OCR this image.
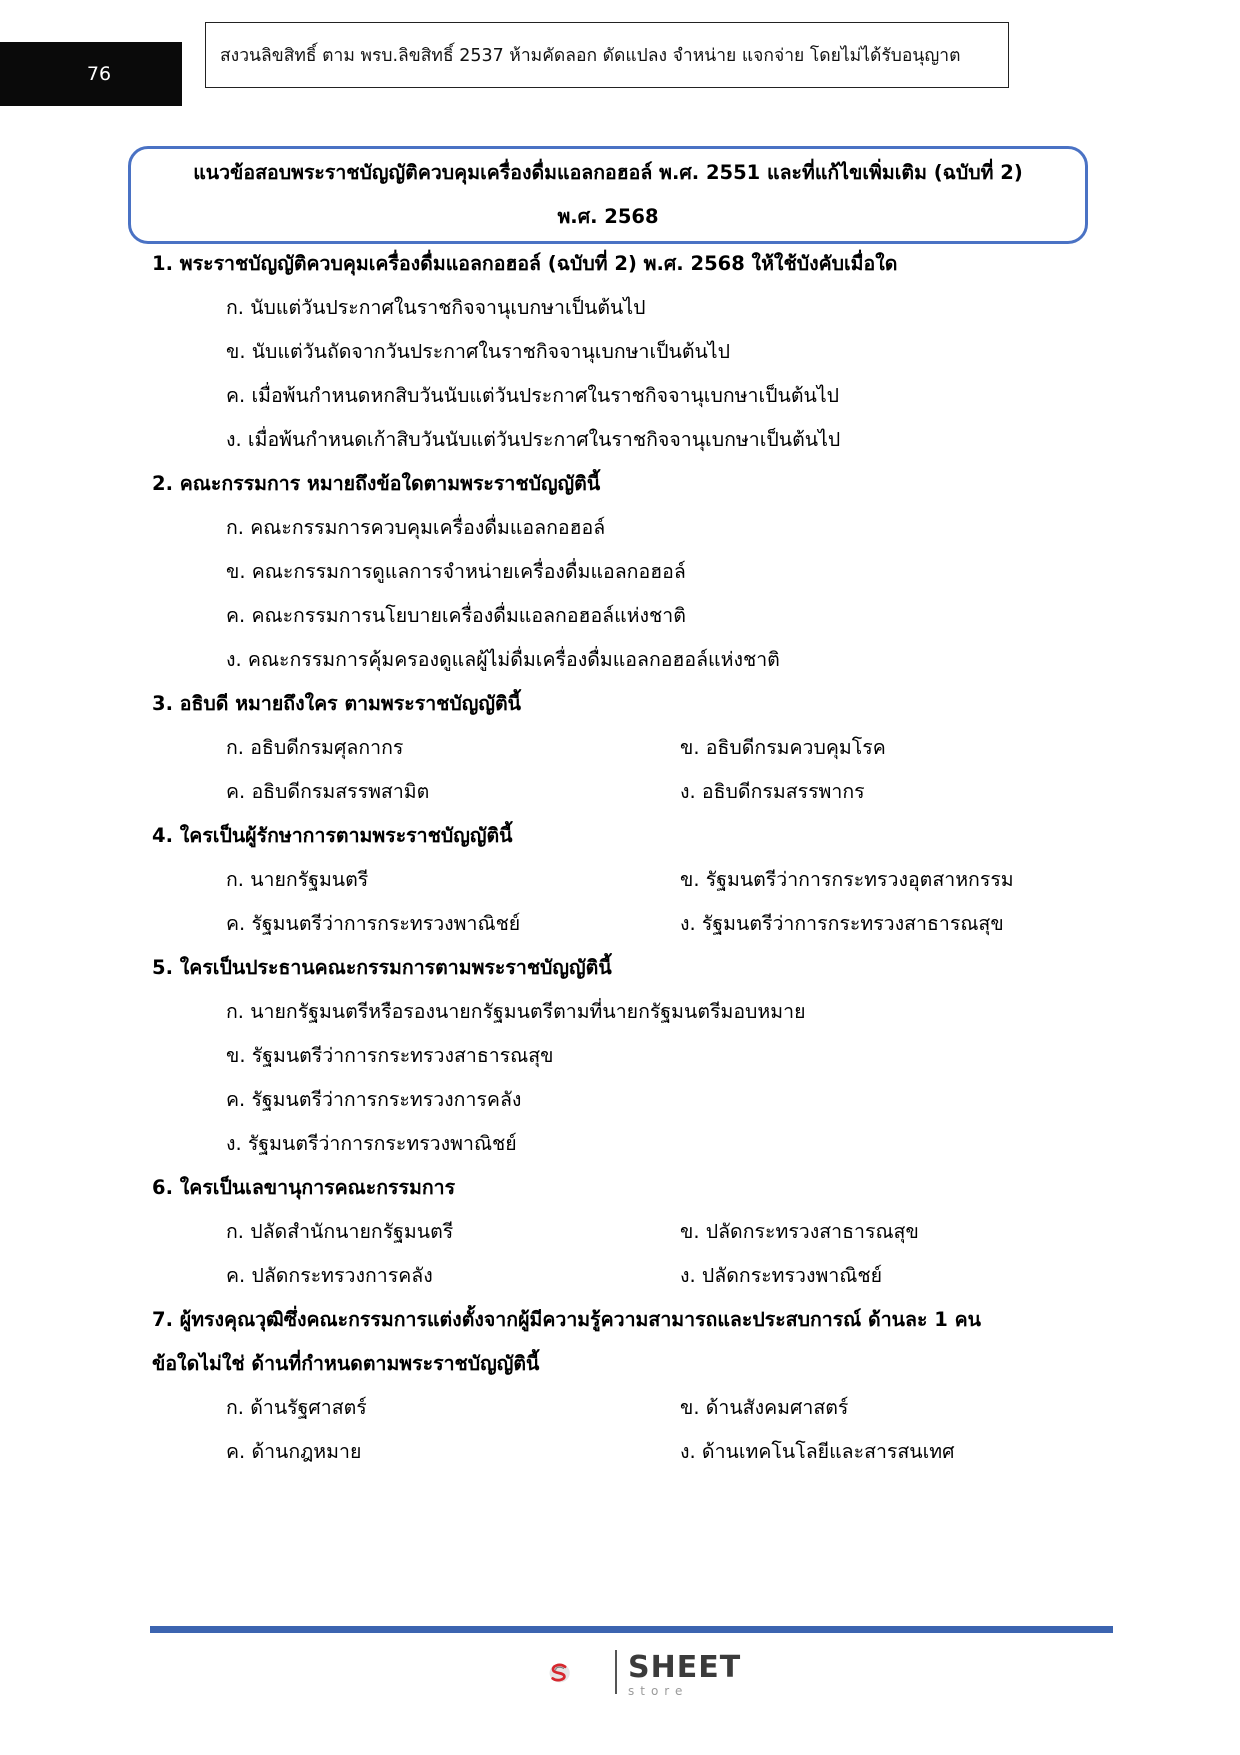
76
สงวนลิขสิทธิ์ ตาม พรบ.ลิขสิทธิ์ 2537 ห้ามคัดลอก ดัดแปลง จำหน่าย แจกจ่าย โดยไม่ได้รับอนุญาต
แนวข้อสอบพระราชบัญญัติควบคุมเครื่องดื่มแอลกอฮอล์ พ.ศ. 2551 และที่แก้ไขเพิ่มเติม (ฉบับที่ 2)
พ.ศ. 2568
1. พระราชบัญญัติควบคุมเครื่องดื่มแอลกอฮอล์ (ฉบับที่ 2) พ.ศ. 2568 ให้ใช้บังคับเมื่อใด
ก. นับแต่วันประกาศในราชกิจจานุเบกษาเป็นต้นไป
ข. นับแต่วันถัดจากวันประกาศในราชกิจจานุเบกษาเป็นต้นไป
ค. เมื่อพ้นกำหนดหกสิบวันนับแต่วันประกาศในราชกิจจานุเบกษาเป็นต้นไป
ง. เมื่อพ้นกำหนดเก้าสิบวันนับแต่วันประกาศในราชกิจจานุเบกษาเป็นต้นไป
2. คณะกรรมการ หมายถึงข้อใดตามพระราชบัญญัตินี้
ก. คณะกรรมการควบคุมเครื่องดื่มแอลกอฮอล์
ข. คณะกรรมการดูแลการจำหน่ายเครื่องดื่มแอลกอฮอล์
ค. คณะกรรมการนโยบายเครื่องดื่มแอลกอฮอล์แห่งชาติ
ง. คณะกรรมการคุ้มครองดูแลผู้ไม่ดื่มเครื่องดื่มแอลกอฮอล์แห่งชาติ
3. อธิบดี หมายถึงใคร ตามพระราชบัญญัตินี้
ก. อธิบดีกรมศุลกากร	ข. อธิบดีกรมควบคุมโรค
ค. อธิบดีกรมสรรพสามิต	ง. อธิบดีกรมสรรพากร
4. ใครเป็นผู้รักษาการตามพระราชบัญญัตินี้
ก. นายกรัฐมนตรี	ข. รัฐมนตรีว่าการกระทรวงอุตสาหกรรม
ค. รัฐมนตรีว่าการกระทรวงพาณิชย์	ง. รัฐมนตรีว่าการกระทรวงสาธารณสุข
5. ใครเป็นประธานคณะกรรมการตามพระราชบัญญัตินี้
ก. นายกรัฐมนตรีหรือรองนายกรัฐมนตรีตามที่นายกรัฐมนตรีมอบหมาย
ข. รัฐมนตรีว่าการกระทรวงสาธารณสุข
ค. รัฐมนตรีว่าการกระทรวงการคลัง
ง. รัฐมนตรีว่าการกระทรวงพาณิชย์
6. ใครเป็นเลขานุการคณะกรรมการ
ก. ปลัดสำนักนายกรัฐมนตรี	ข. ปลัดกระทรวงสาธารณสุข
ค. ปลัดกระทรวงการคลัง	ง. ปลัดกระทรวงพาณิชย์
7. ผู้ทรงคุณวุฒิซึ่งคณะกรรมการแต่งตั้งจากผู้มีความรู้ความสามารถและประสบการณ์ ด้านละ 1 คน
ข้อใดไม่ใช่ ด้านที่กำหนดตามพระราชบัญญัตินี้
ก. ด้านรัฐศาสตร์	ข. ด้านสังคมศาสตร์
ค. ด้านกฎหมาย	ง. ด้านเทคโนโลยีและสารสนเทศ
SHEET
store
